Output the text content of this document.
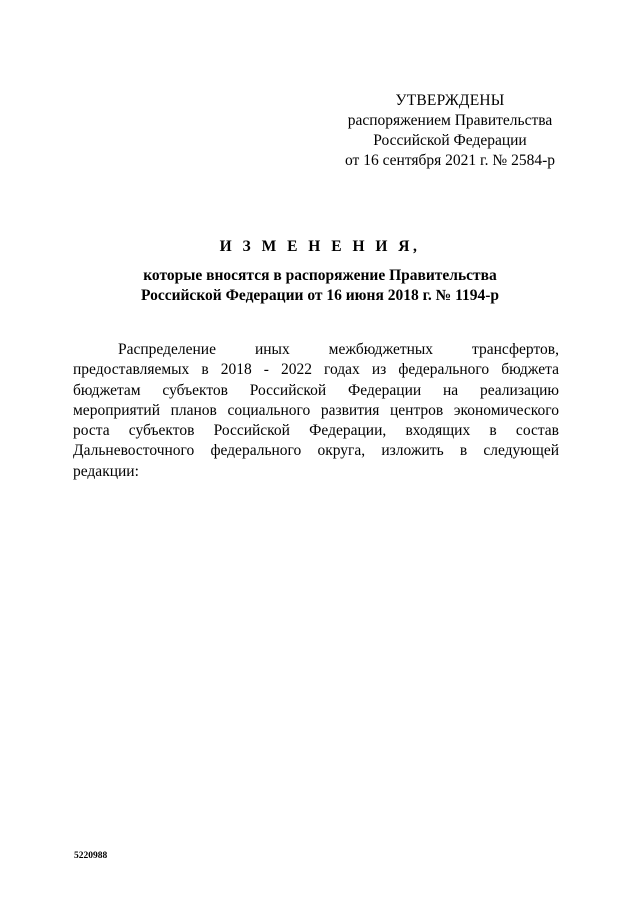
УТВЕРЖДЕНЫ
распоряжением Правительства
Российской Федерации
от 16 сентября 2021 г. № 2584-р
И З М Е Н Е Н И Я,
которые вносятся в распоряжение Правительства
Российской Федерации от 16 июня 2018 г. № 1194-р
Распределение иных межбюджетных трансфертов, предоставляемых в 2018 - 2022 годах из федерального бюджета бюджетам субъектов Российской Федерации на реализацию мероприятий планов социального развития центров экономического роста субъектов Российской Федерации, входящих в состав Дальневосточного федерального округа, изложить в следующей редакции:
5220988
